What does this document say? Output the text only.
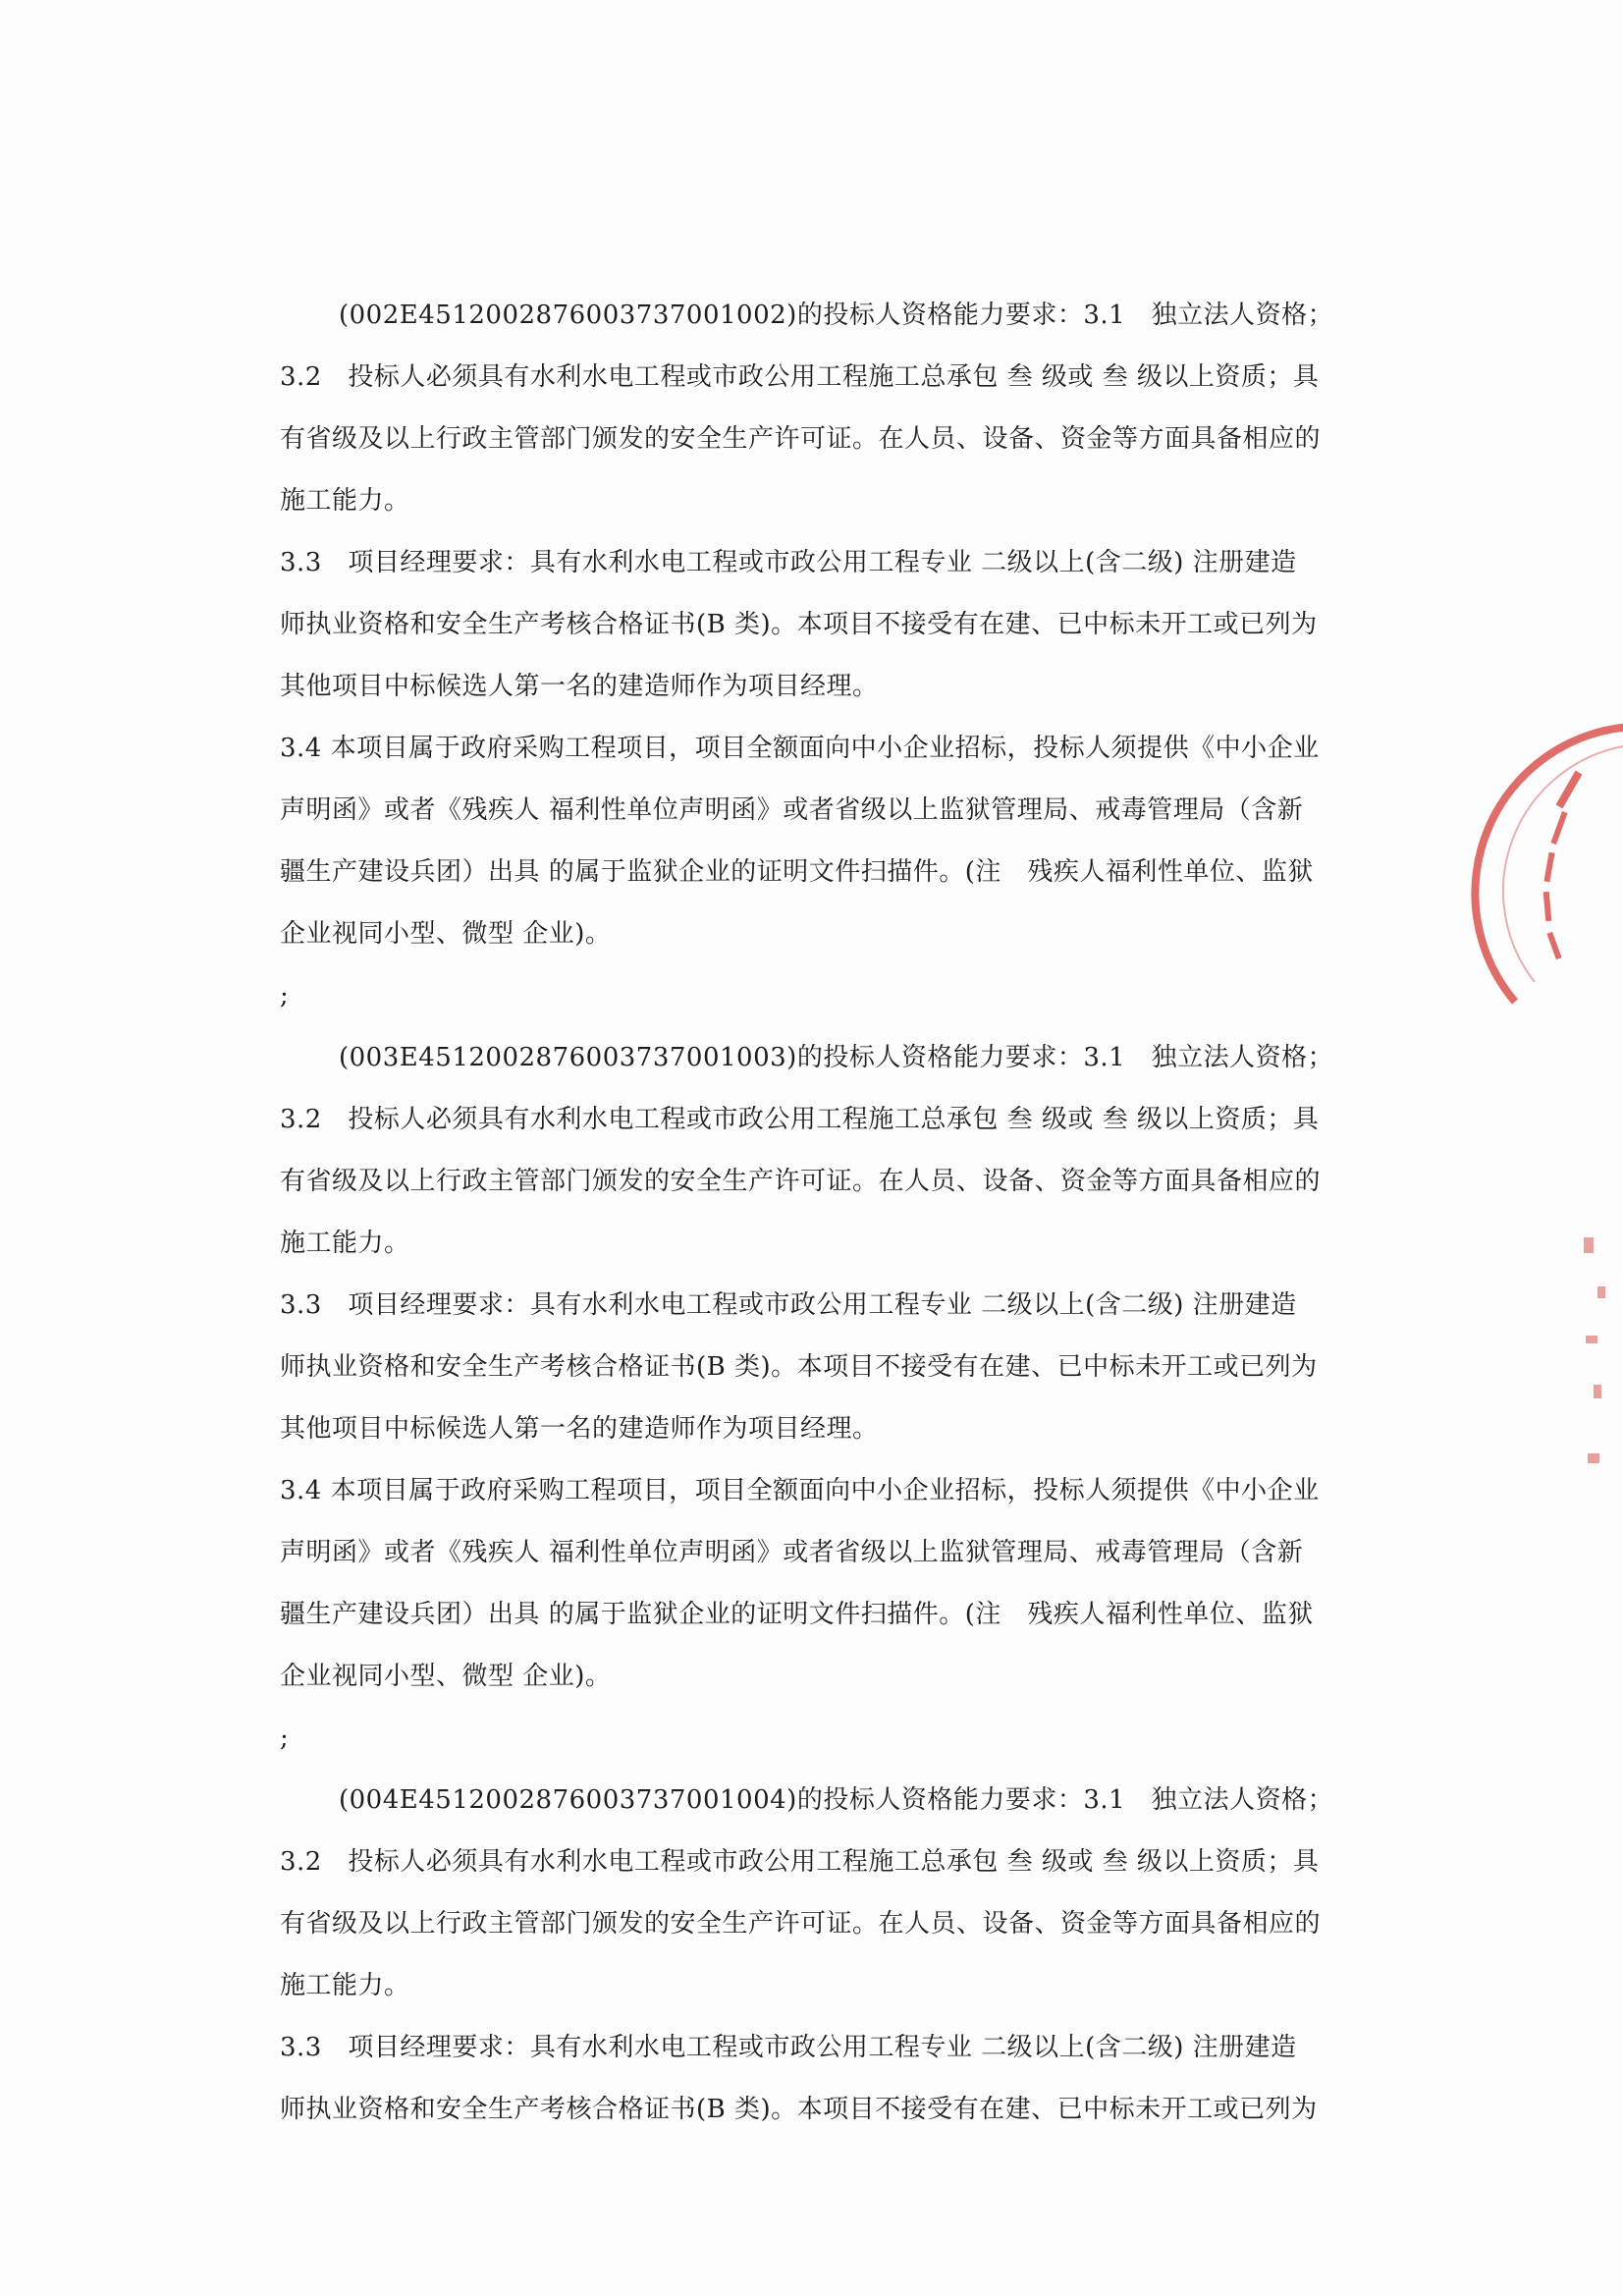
(002E4512002876003737001002)的投标人资格能力要求：3.1　独立法人资格；
3.2　投标人必须具有水利水电工程或市政公用工程施工总承包 叁 级或 叁 级以上资质；具
有省级及以上行政主管部门颁发的安全生产许可证。在人员、设备、资金等方面具备相应的
施工能力。
3.3　项目经理要求：具有水利水电工程或市政公用工程专业 二级以上(含二级) 注册建造
师执业资格和安全生产考核合格证书(B 类)。本项目不接受有在建、已中标未开工或已列为
其他项目中标候选人第一名的建造师作为项目经理。
3.4 本项目属于政府采购工程项目，项目全额面向中小企业招标，投标人须提供《中小企业
声明函》或者《残疾人 福利性单位声明函》或者省级以上监狱管理局、戒毒管理局（含新
疆生产建设兵团）出具 的属于监狱企业的证明文件扫描件。(注　残疾人福利性单位、监狱
企业视同小型、微型 企业)。
;
(003E4512002876003737001003)的投标人资格能力要求：3.1　独立法人资格；
3.2　投标人必须具有水利水电工程或市政公用工程施工总承包 叁 级或 叁 级以上资质；具
有省级及以上行政主管部门颁发的安全生产许可证。在人员、设备、资金等方面具备相应的
施工能力。
3.3　项目经理要求：具有水利水电工程或市政公用工程专业 二级以上(含二级) 注册建造
师执业资格和安全生产考核合格证书(B 类)。本项目不接受有在建、已中标未开工或已列为
其他项目中标候选人第一名的建造师作为项目经理。
3.4 本项目属于政府采购工程项目，项目全额面向中小企业招标，投标人须提供《中小企业
声明函》或者《残疾人 福利性单位声明函》或者省级以上监狱管理局、戒毒管理局（含新
疆生产建设兵团）出具 的属于监狱企业的证明文件扫描件。(注　残疾人福利性单位、监狱
企业视同小型、微型 企业)。
;
(004E4512002876003737001004)的投标人资格能力要求：3.1　独立法人资格；
3.2　投标人必须具有水利水电工程或市政公用工程施工总承包 叁 级或 叁 级以上资质；具
有省级及以上行政主管部门颁发的安全生产许可证。在人员、设备、资金等方面具备相应的
施工能力。
3.3　项目经理要求：具有水利水电工程或市政公用工程专业 二级以上(含二级) 注册建造
师执业资格和安全生产考核合格证书(B 类)。本项目不接受有在建、已中标未开工或已列为
